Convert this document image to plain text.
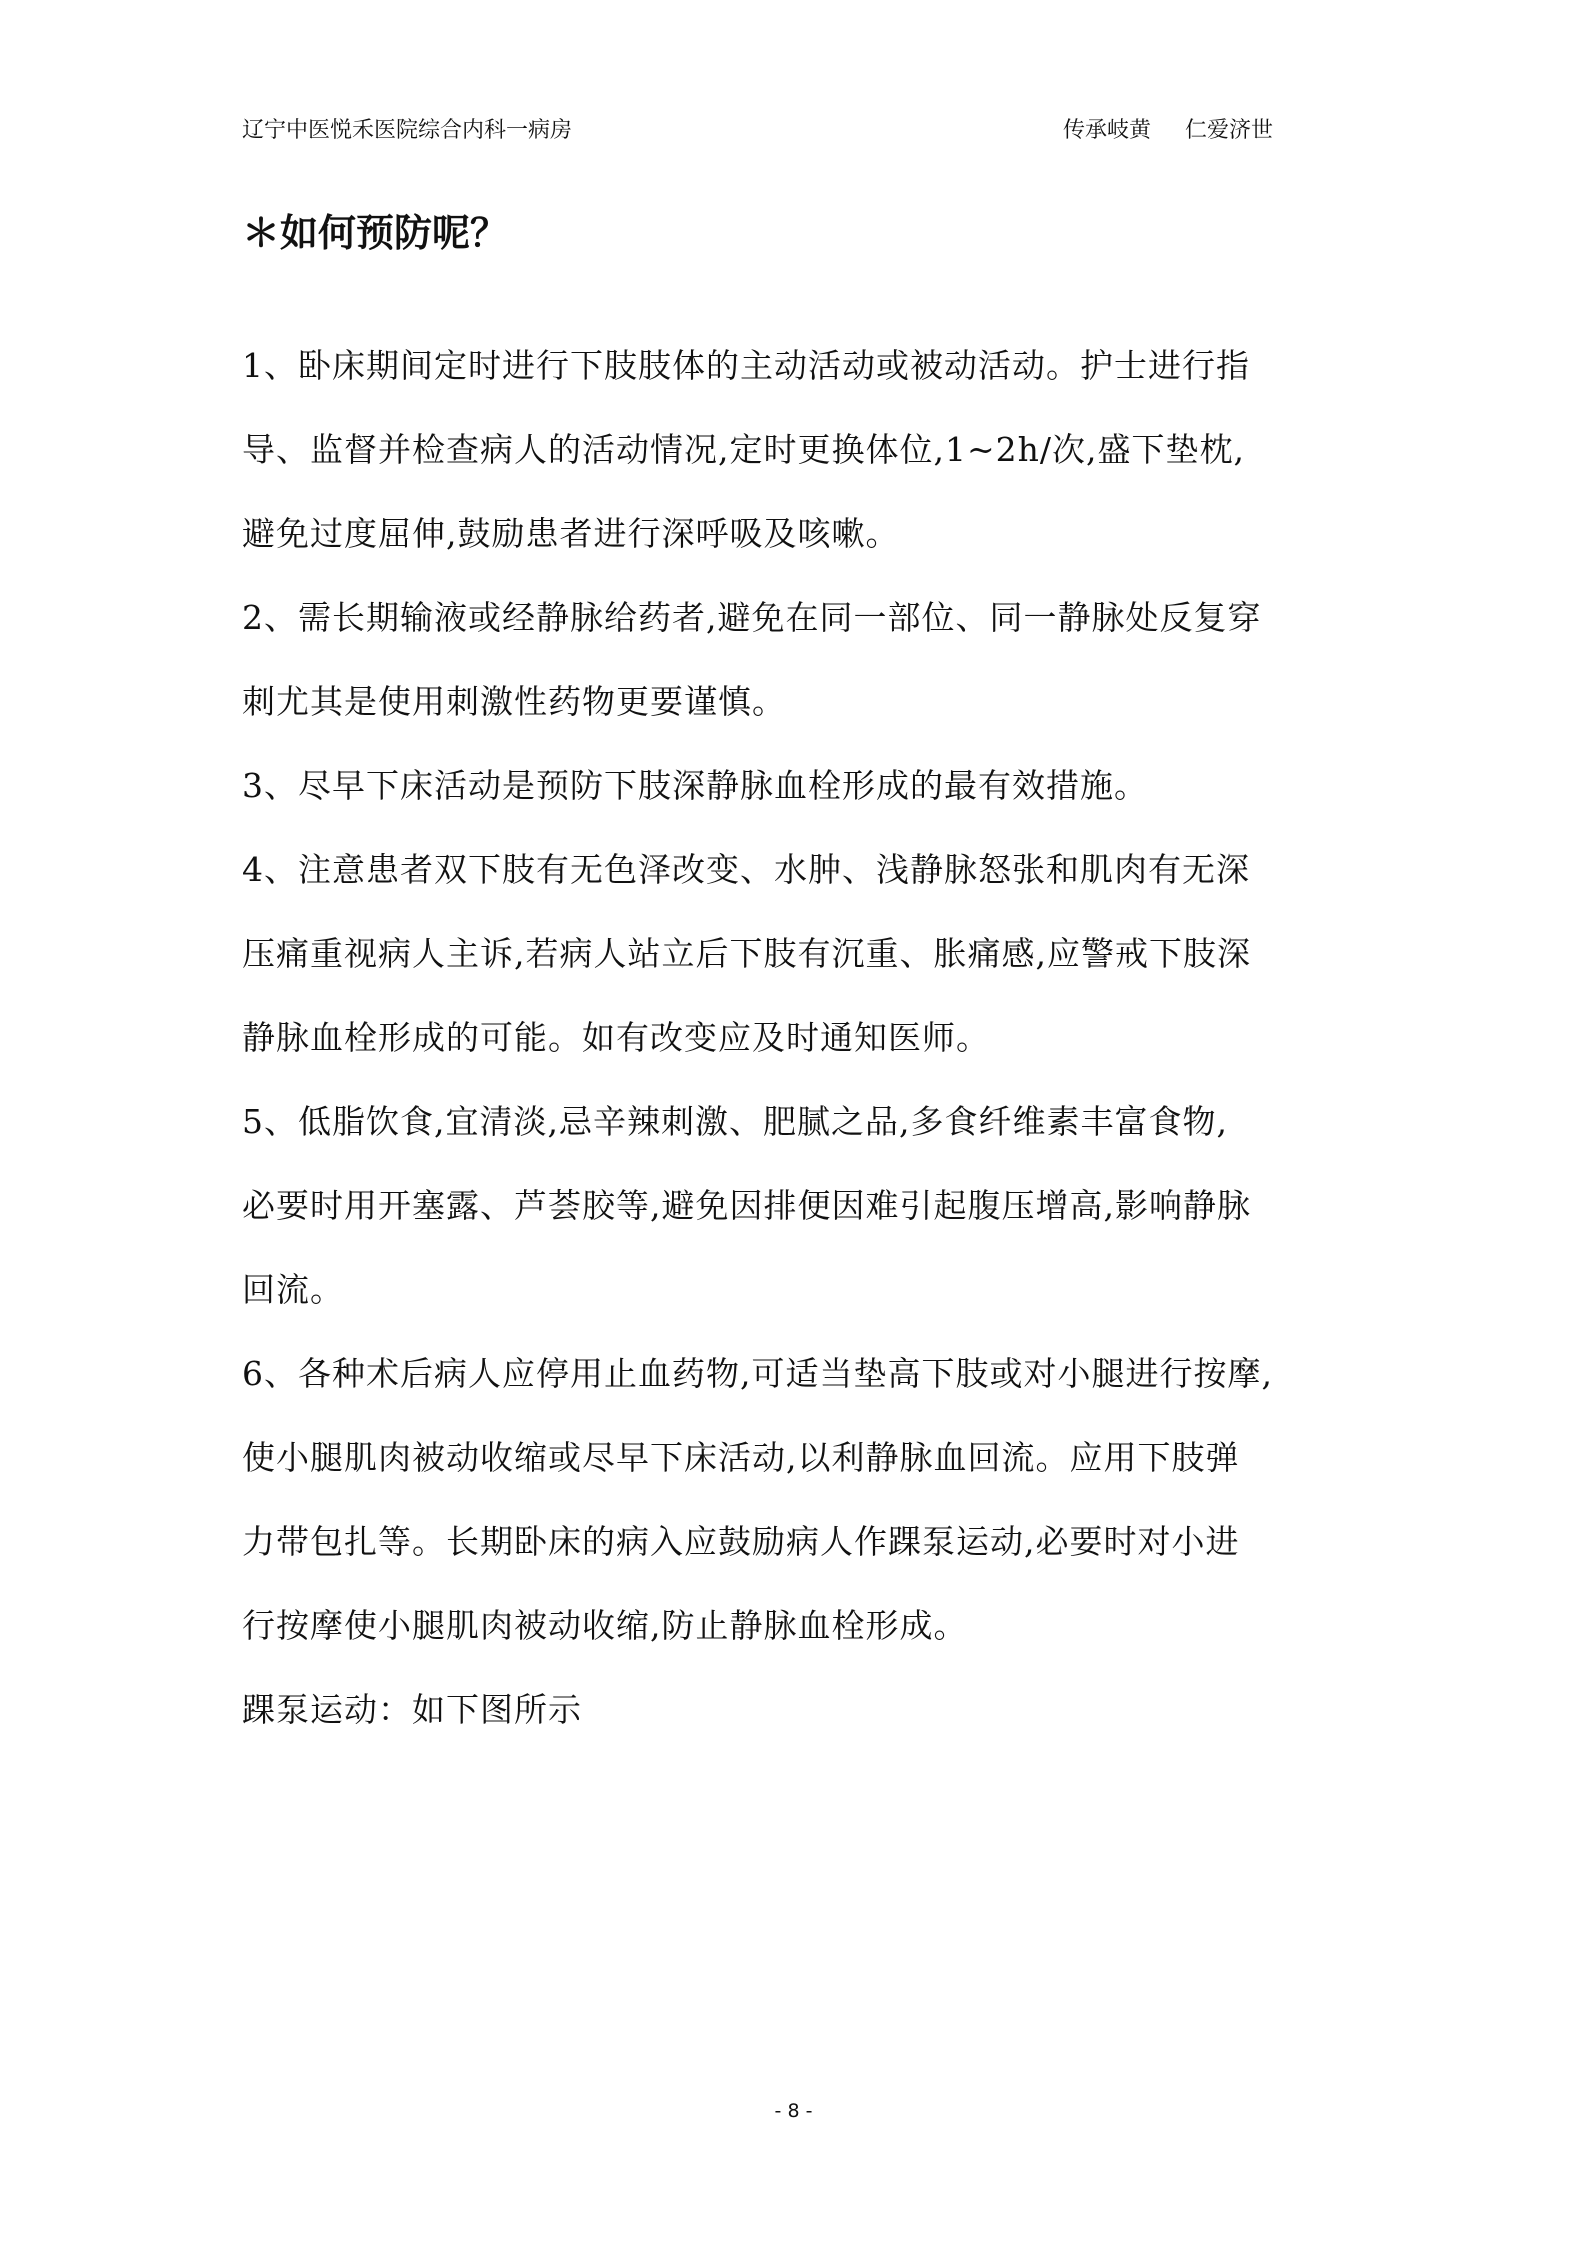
辽宁中医悦禾医院综合内科一病房	传承岐黄 仁爱济世
＊如何预防呢？
1、卧床期间定时进行下肢肢体的主动活动或被动活动。护士进行指
导、监督并检查病人的活动情况,定时更换体位,1~2h/次,盛下垫枕,
避免过度屈伸,鼓励患者进行深呼吸及咳嗽。
2、需长期输液或经静脉给药者,避免在同一部位、同一静脉处反复穿
刺尤其是使用刺激性药物更要谨慎。
3、尽早下床活动是预防下肢深静脉血栓形成的最有效措施。
4、注意患者双下肢有无色泽改变、水肿、浅静脉怒张和肌肉有无深
压痛重视病人主诉,若病人站立后下肢有沉重、胀痛感,应警戒下肢深
静脉血栓形成的可能。如有改变应及时通知医师。
5、低脂饮食,宜清淡,忌辛辣刺激、肥腻之品,多食纤维素丰富食物,
必要时用开塞露、芦荟胶等,避免因排便因难引起腹压增高,影响静脉
回流。
6、各种术后病人应停用止血药物,可适当垫高下肢或对小腿进行按摩,
使小腿肌肉被动收缩或尽早下床活动,以利静脉血回流。应用下肢弹
力带包扎等。长期卧床的病入应鼓励病人作踝泵运动,必要时对小进
行按摩使小腿肌肉被动收缩,防止静脉血栓形成。
踝泵运动：如下图所示
- 8 -
